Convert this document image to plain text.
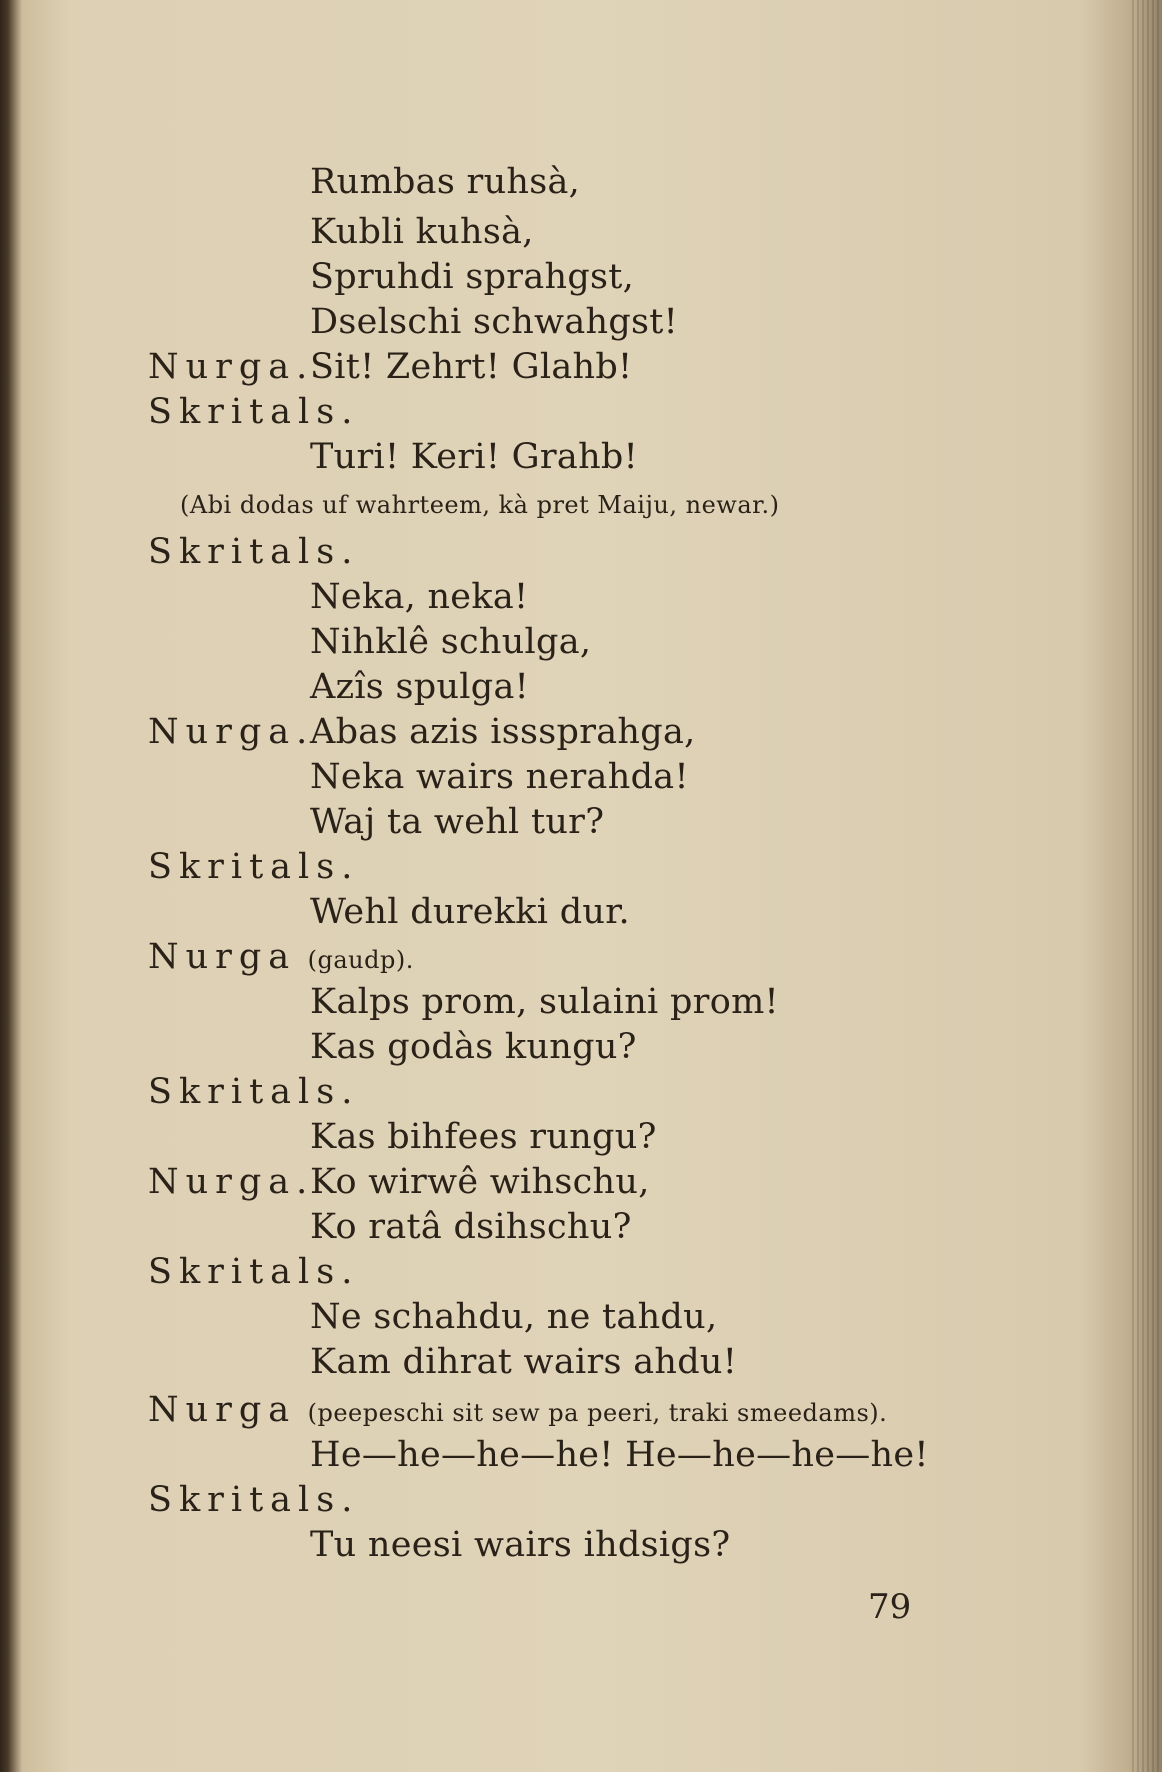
Rumbas ruhsà,
Kubli kuhsà,
Spruhdi sprahgst,
Dselschi schwahgst!
Nurga.
Sit! Zehrt! Glahb!
Skritals.
Turi! Keri! Grahb!
(Abi dodas uf wahrteem, kà pret Maiju, newar.)
Skritals.
Neka, neka!
Nihklê schulga,
Azîs spulga!
Nurga.
Abas azis isssprahga,
Neka wairs nerahda!
Waj ta wehl tur?
Skritals.
Wehl durekki dur.
Nurga (gaudp).
Kalps prom, sulaini prom!
Kas godàs kungu?
Skritals.
Kas bihfees rungu?
Nurga.
Ko wirwê wihschu,
Ko ratâ dsihschu?
Skritals.
Ne schahdu, ne tahdu,
Kam dihrat wairs ahdu!
Nurga (peepeschi sit sew pa peeri, traki smeedams).
He—he—he—he! He—he—he—he!
Skritals.
Tu neesi wairs ihdsigs?
79
